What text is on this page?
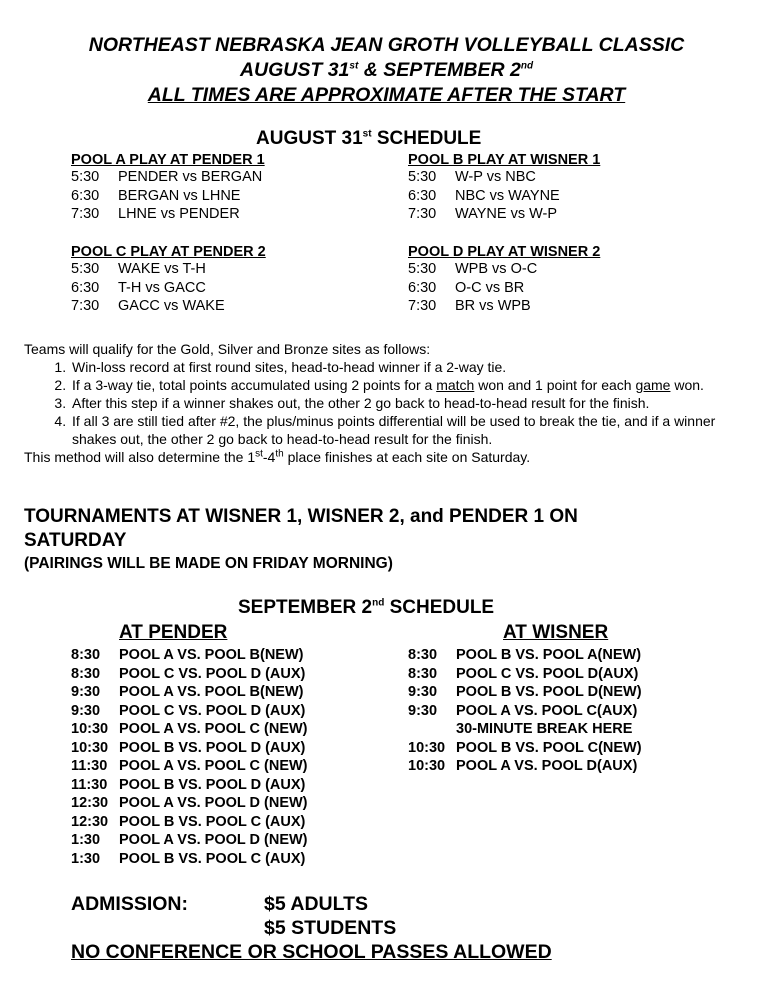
NORTHEAST NEBRASKA JEAN GROTH VOLLEYBALL CLASSIC
AUGUST 31st & SEPTEMBER 2nd
ALL TIMES ARE APPROXIMATE AFTER THE START
AUGUST 31st SCHEDULE
POOL A PLAY AT PENDER 1
5:30 PENDER vs BERGAN
6:30 BERGAN vs LHNE
7:30 LHNE vs PENDER
POOL B PLAY AT WISNER 1
5:30 W-P vs NBC
6:30 NBC vs WAYNE
7:30 WAYNE vs W-P
POOL C PLAY AT PENDER 2
5:30 WAKE vs T-H
6:30 T-H vs GACC
7:30 GACC vs WAKE
POOL D PLAY AT WISNER 2
5:30 WPB vs O-C
6:30 O-C vs BR
7:30 BR vs WPB
Teams will qualify for the Gold, Silver and Bronze sites as follows:
1. Win-loss record at first round sites, head-to-head winner if a 2-way tie.
2. If a 3-way tie, total points accumulated using 2 points for a match won and 1 point for each game won.
3. After this step if a winner shakes out, the other 2 go back to head-to-head result for the finish.
4. If all 3 are still tied after #2, the plus/minus points differential will be used to break the tie, and if a winner shakes out, the other 2 go back to head-to-head result for the finish.
This method will also determine the 1st-4th place finishes at each site on Saturday.
TOURNAMENTS AT WISNER 1, WISNER 2, and PENDER 1 ON
SATURDAY
(PAIRINGS WILL BE MADE ON FRIDAY MORNING)
SEPTEMBER 2nd SCHEDULE
AT PENDER	AT WISNER
8:30 POOL A VS. POOL B(NEW)
8:30 POOL C VS. POOL D (AUX)
9:30 POOL A VS. POOL B(NEW)
9:30 POOL C VS. POOL D (AUX)
10:30 POOL A VS. POOL C (NEW)
10:30 POOL B VS. POOL D (AUX)
11:30 POOL A VS. POOL C (NEW)
11:30 POOL B VS. POOL D (AUX)
12:30 POOL A VS. POOL D (NEW)
12:30 POOL B VS. POOL C (AUX)
1:30 POOL A VS. POOL D (NEW)
1:30 POOL B VS. POOL C (AUX)
8:30 POOL B VS. POOL A(NEW)
8:30 POOL C VS. POOL D(AUX)
9:30 POOL B VS. POOL D(NEW)
9:30 POOL A VS. POOL C(AUX)
30-MINUTE BREAK HERE
10:30 POOL B VS. POOL C(NEW)
10:30 POOL A VS. POOL D(AUX)
ADMISSION:	$5 ADULTS
$5 STUDENTS
NO CONFERENCE OR SCHOOL PASSES ALLOWED
